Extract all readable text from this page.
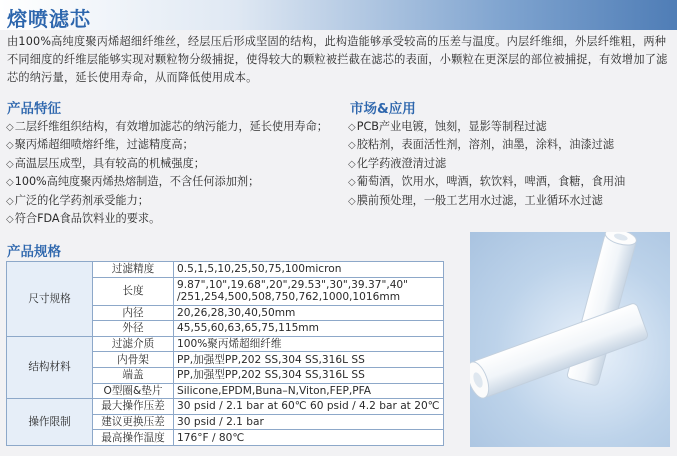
熔喷滤芯

由100%高纯度聚丙烯超细纤维丝，经层压后形成坚固的结构，此构造能够承受较高的压差与温度。内层纤维细，外层纤维粗，两种不同细度的纤维层能够实现对颗粒物分级捕捉，使得较大的颗粒被拦截在滤芯的表面，小颗粒在更深层的部位被捕捉，有效增加了滤芯的纳污量，延长使用寿命，从而降低使用成本。

产品特征
◇二层纤维组织结构，有效增加滤芯的纳污能力，延长使用寿命；
◇聚丙烯超细喷熔纤维，过滤精度高；
◇高温层压成型，具有较高的机械强度；
◇100%高纯度聚丙烯热熔制造，不含任何添加剂；
◇广泛的化学药剂承受能力；
◇符合FDA食品饮料业的要求。
市场&应用
◇PCB产业电镀，蚀刻，显影等制程过滤
◇胶粘剂，表面活性剂，溶剂，油墨，涂料，油漆过滤
◇化学药液澄清过滤
◇葡萄酒，饮用水，啤酒，软饮料，啤酒，食糖，食用油
◇膜前预处理，一般工艺用水过滤，工业循环水过滤
产品规格
尺寸规格	过滤精度	0.5,1,5,10,25,50,75,100micron
	长度	9.87",10",19.68",20",29.53",30",39.37",40" /251,254,500,508,750,762,1000,1016mm
	内径	20,26,28,30,40,50mm
	外径	45,55,60,63,65,75,115mm
结构材料	过滤介质	100%聚丙烯超细纤维
	内骨架	PP,加强型PP,202 SS,304 SS,316L SS
	端盖	PP,加强型PP,202 SS,304 SS,316L SS
	O型圈&垫片	Silicone,EPDM,Buna–N,Viton,FEP,PFA
操作限制	最大操作压差	30 psid / 2.1 bar at 60℃ 60 psid / 4.2 bar at 20℃
	建议更换压差	30 psid / 2.1 bar
	最高操作温度	176°F / 80℃
